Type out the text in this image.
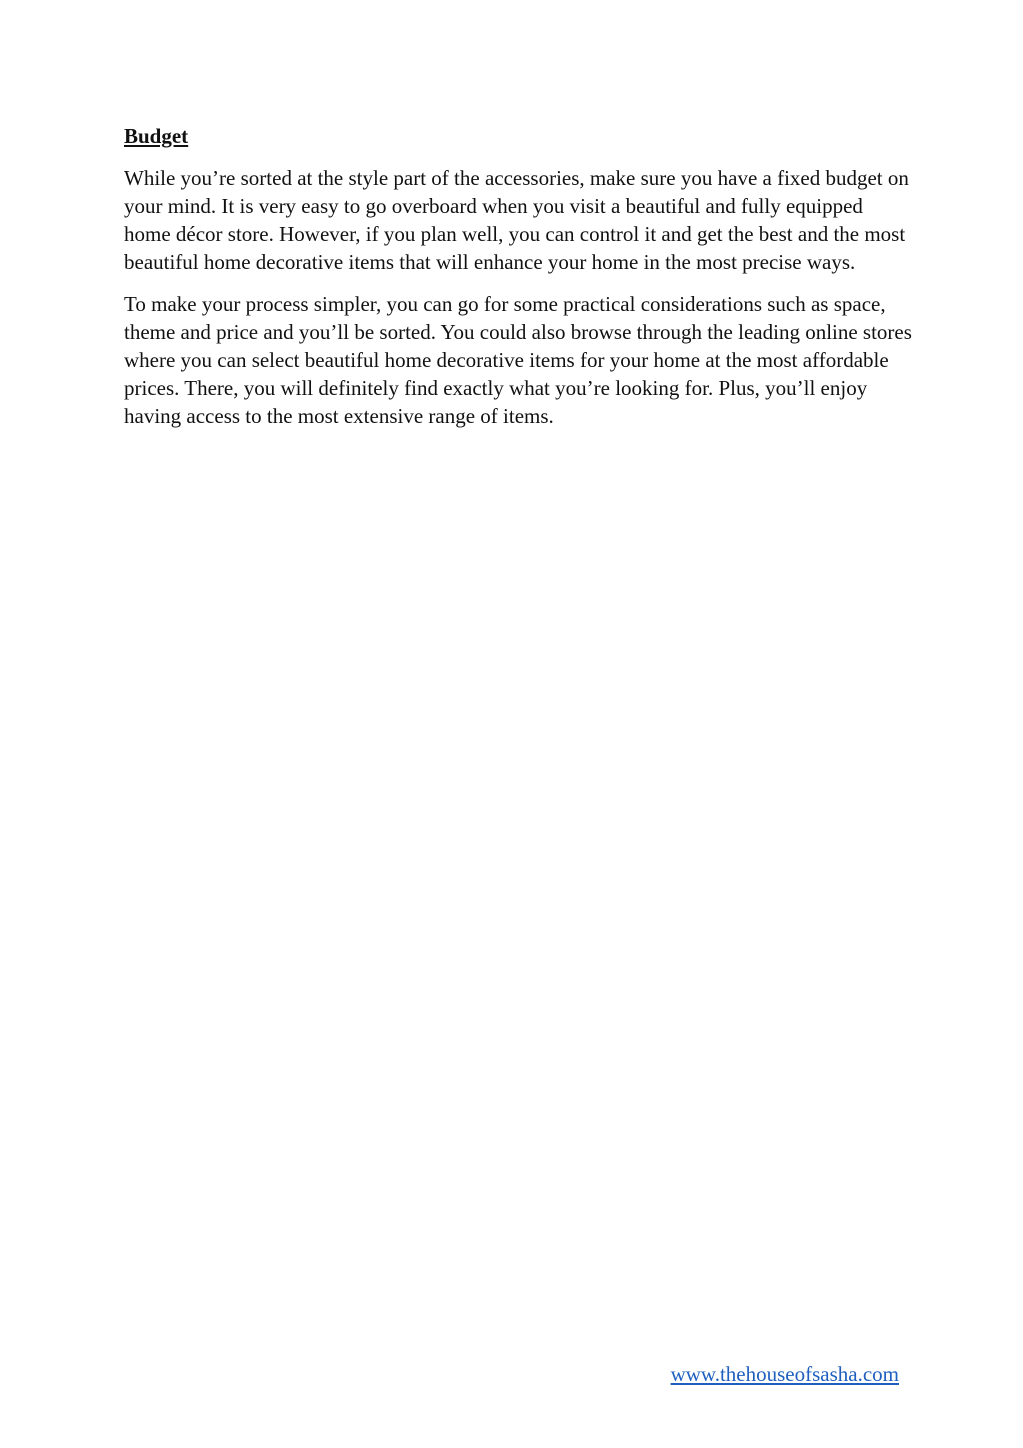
Budget

While you’re sorted at the style part of the accessories, make sure you have a fixed budget on your mind. It is very easy to go overboard when you visit a beautiful and fully equipped home décor store. However, if you plan well, you can control it and get the best and the most beautiful home decorative items that will enhance your home in the most precise ways.

To make your process simpler, you can go for some practical considerations such as space, theme and price and you’ll be sorted. You could also browse through the leading online stores where you can select beautiful home decorative items for your home at the most affordable prices. There, you will definitely find exactly what you’re looking for. Plus, you’ll enjoy having access to the most extensive range of items.

www.thehouseofsasha.com
